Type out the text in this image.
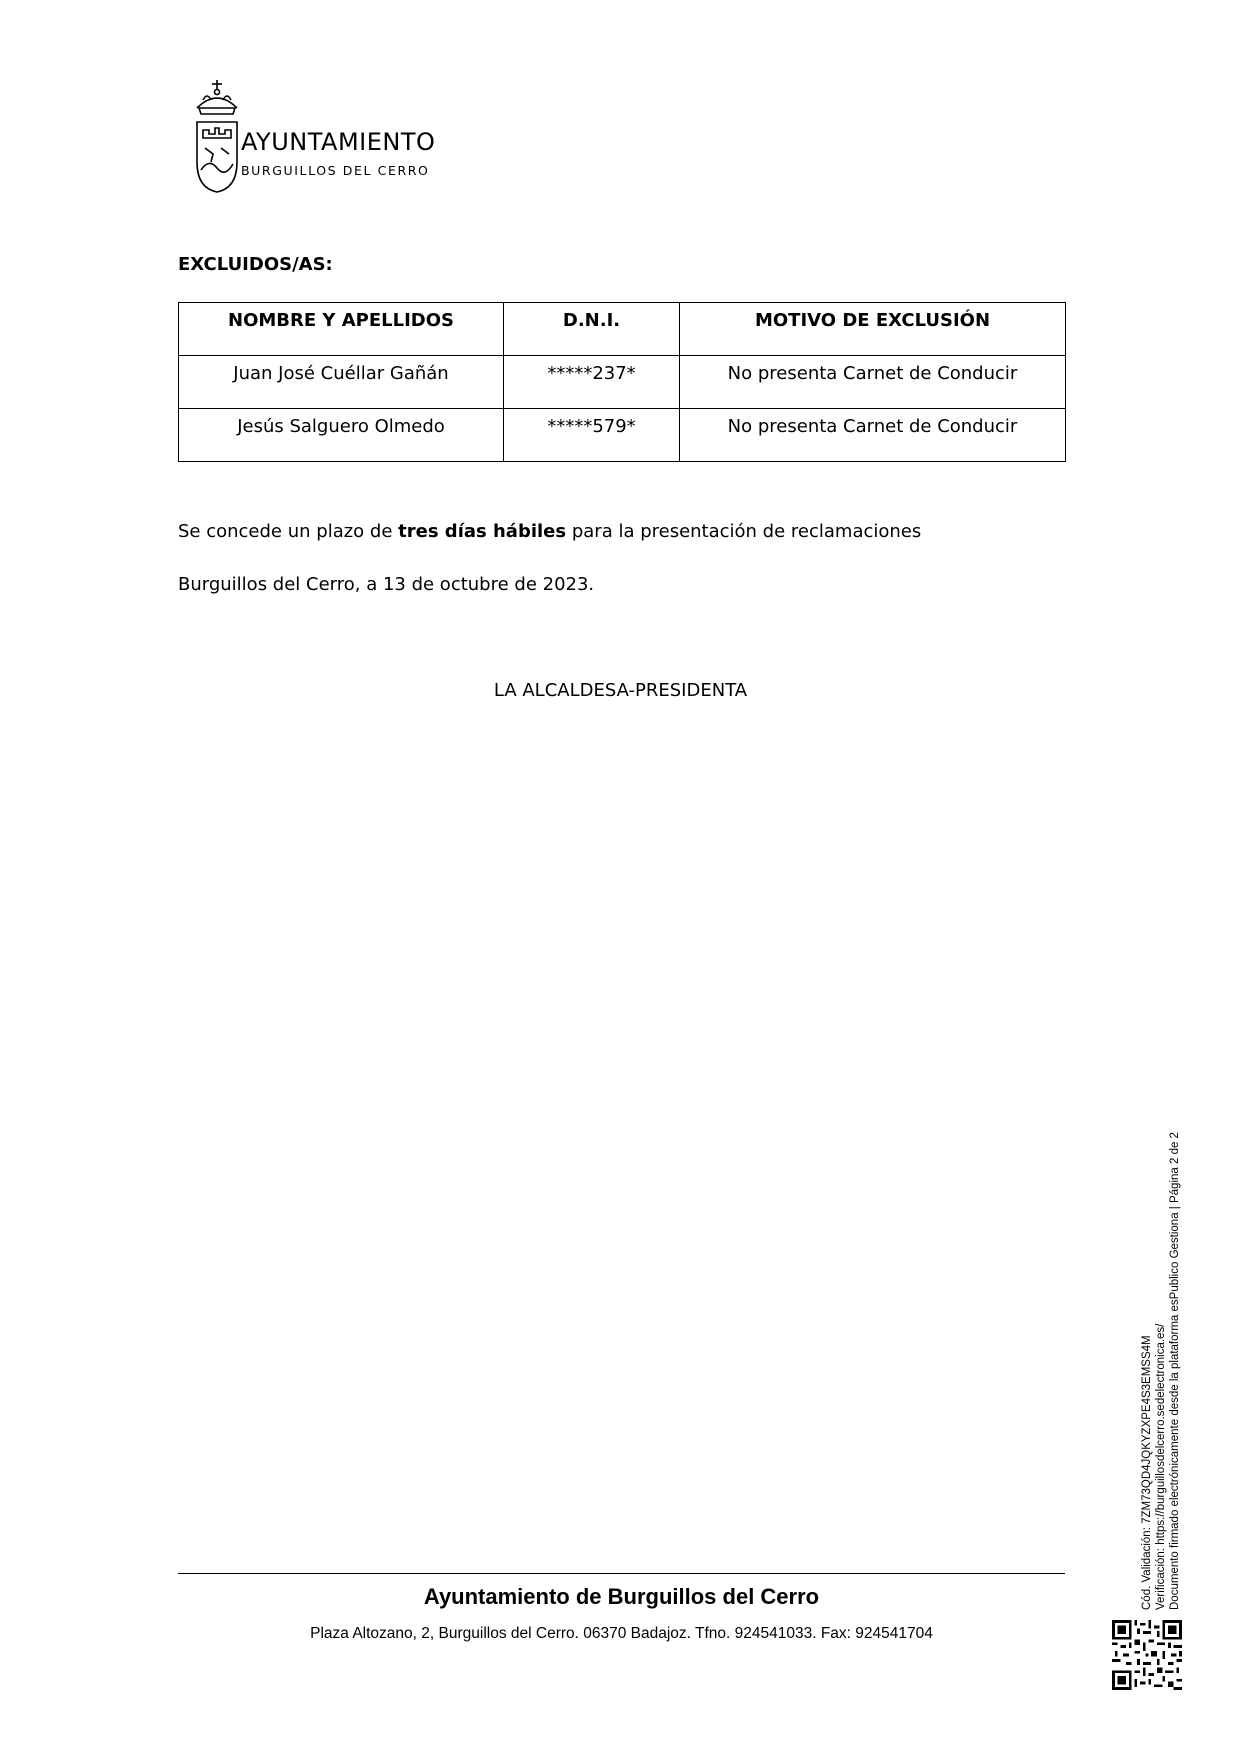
AYUNTAMIENTO
BURGUILLOS DEL CERRO
EXCLUIDOS/AS:
NOMBRE Y APELLIDOS	D.N.I.	MOTIVO DE EXCLUSIÓN
Juan José Cuéllar Gañán	*****237*	No presenta Carnet de Conducir
Jesús Salguero Olmedo	*****579*	No presenta Carnet de Conducir
Se concede un plazo de tres días hábiles para la presentación de reclamaciones
Burguillos del Cerro, a 13 de octubre de 2023.
LA ALCALDESA-PRESIDENTA
Ayuntamiento de Burguillos del Cerro
Plaza Altozano, 2, Burguillos del Cerro. 06370 Badajoz. Tfno. 924541033. Fax: 924541704
Cód. Validación: 7ZM73QD4JQKYZXPE4S3EMSS4M Verificación: https://burguillosdelcerro.sedelectronica.es/ Documento firmado electrónicamente desde la plataforma esPublico Gestiona | Página 2 de 2
